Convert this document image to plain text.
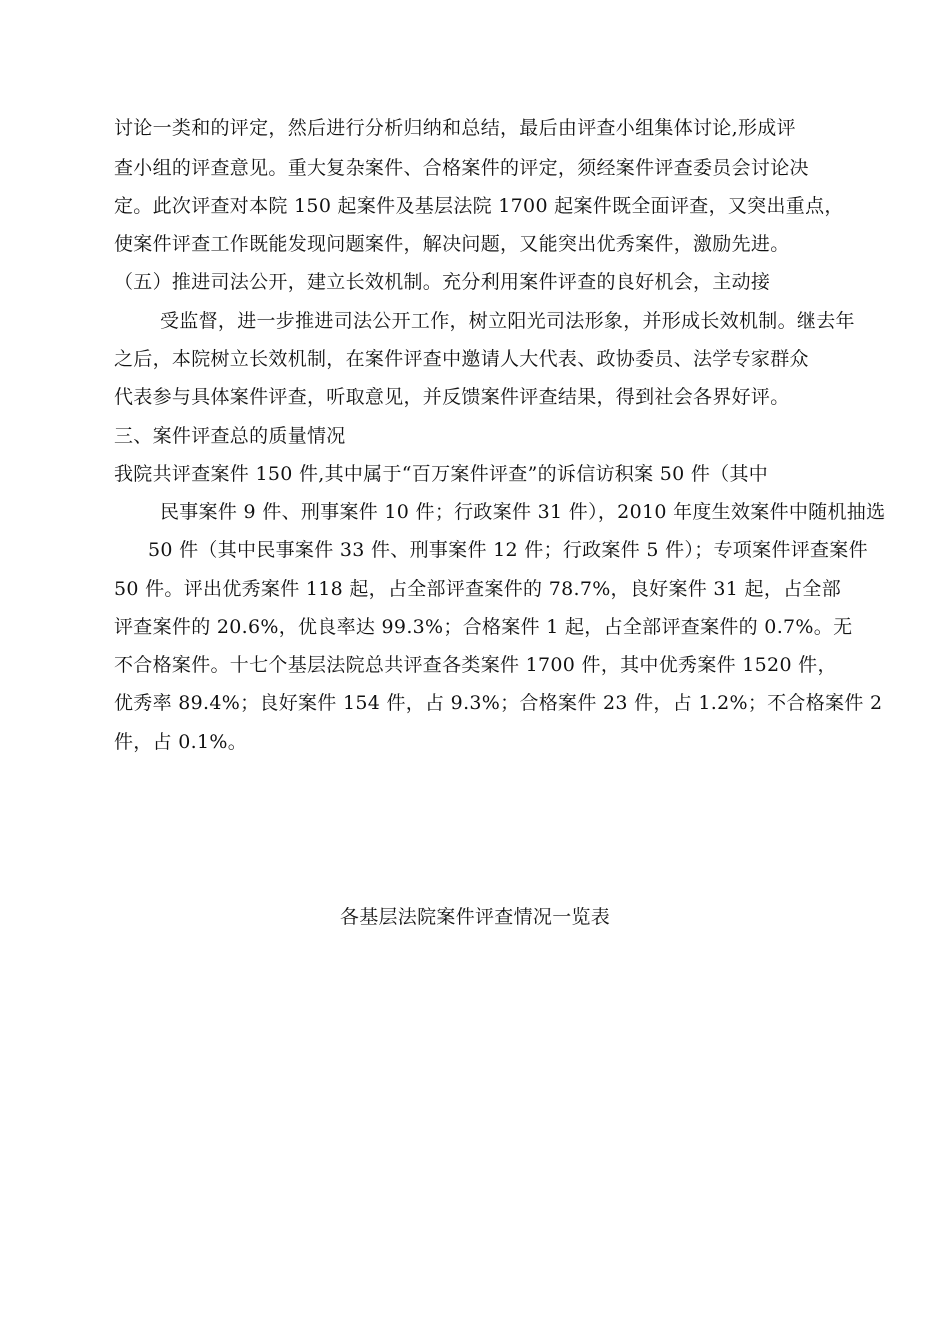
讨论一类和的评定，然后进行分析归纳和总结，最后由评查小组集体讨论,形成评
查小组的评查意见。重大复杂案件、合格案件的评定，须经案件评查委员会讨论决
定。此次评查对本院 150 起案件及基层法院 1700 起案件既全面评查，又突出重点，
使案件评查工作既能发现问题案件，解决问题，又能突出优秀案件，激励先进。
（五）推进司法公开，建立长效机制。充分利用案件评查的良好机会，主动接
受监督，进一步推进司法公开工作，树立阳光司法形象，并形成长效机制。继去年
之后，本院树立长效机制，在案件评查中邀请人大代表、政协委员、法学专家群众
代表参与具体案件评查，听取意见，并反馈案件评查结果，得到社会各界好评。
三、案件评查总的质量情况
我院共评查案件 150 件,其中属于“百万案件评查”的诉信访积案 50 件（其中
民事案件 9 件、刑事案件 10 件；行政案件 31 件），2010 年度生效案件中随机抽选
50 件（其中民事案件 33 件、刑事案件 12 件；行政案件 5 件）；专项案件评查案件
50 件。评出优秀案件 118 起，占全部评查案件的 78.7%，良好案件 31 起，占全部
评查案件的 20.6%，优良率达 99.3%；合格案件 1 起，占全部评查案件的 0.7%。无
不合格案件。十七个基层法院总共评查各类案件 1700 件，其中优秀案件 1520 件，
优秀率 89.4%；良好案件 154 件，占 9.3%；合格案件 23 件，占 1.2%；不合格案件 2
件，占 0.1%。
各基层法院案件评查情况一览表
